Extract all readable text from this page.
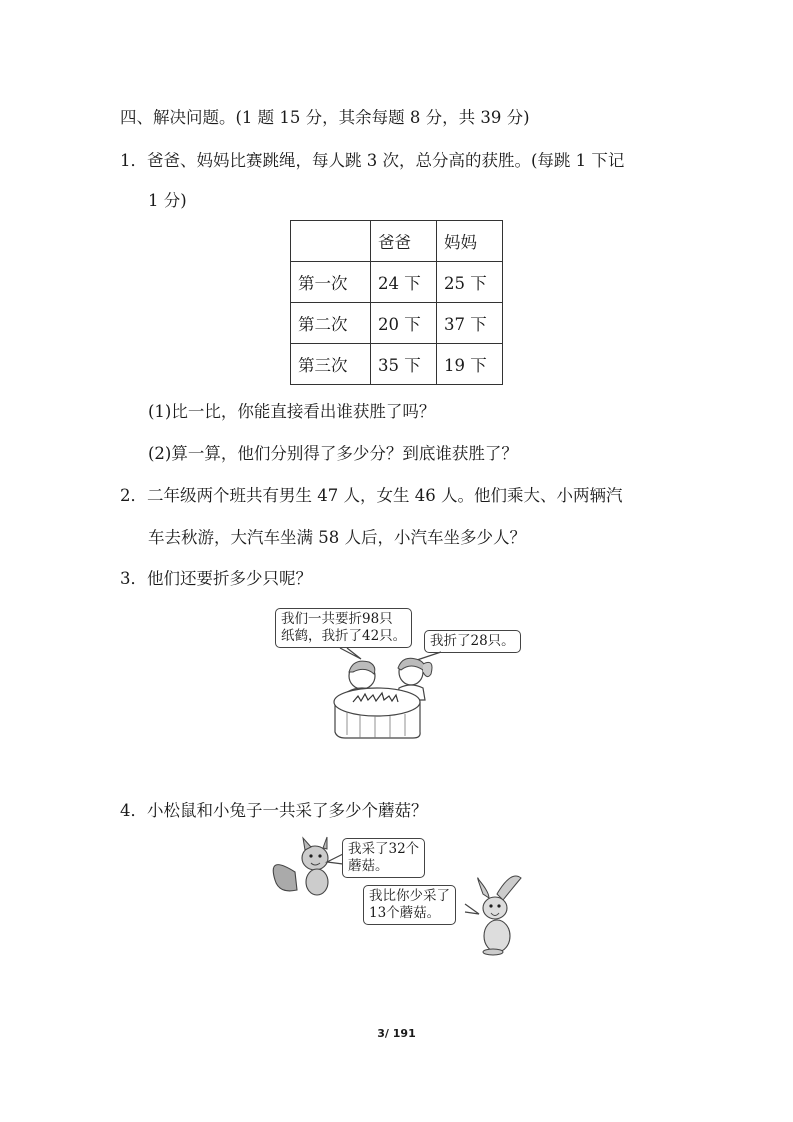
四、解决问题。(1 题 15 分，其余每题 8 分，共 39 分)
1．爸爸、妈妈比赛跳绳，每人跳 3 次，总分高的获胜。(每跳 1 下记
1 分)
	爸爸	妈妈
第一次	24 下	25 下
第二次	20 下	37 下
第三次	35 下	19 下
(1)比一比，你能直接看出谁获胜了吗？
(2)算一算，他们分别得了多少分？到底谁获胜了？
2．二年级两个班共有男生 47 人，女生 46 人。他们乘大、小两辆汽
车去秋游，大汽车坐满 58 人后，小汽车坐多少人？
3．他们还要折多少只呢？
我们一共要折98只
纸鹤，我折了42只。	我折了28只。
4．小松鼠和小兔子一共采了多少个蘑菇？
我采了32个
蘑菇。
我比你少采了
13个蘑菇。
3/ 191
